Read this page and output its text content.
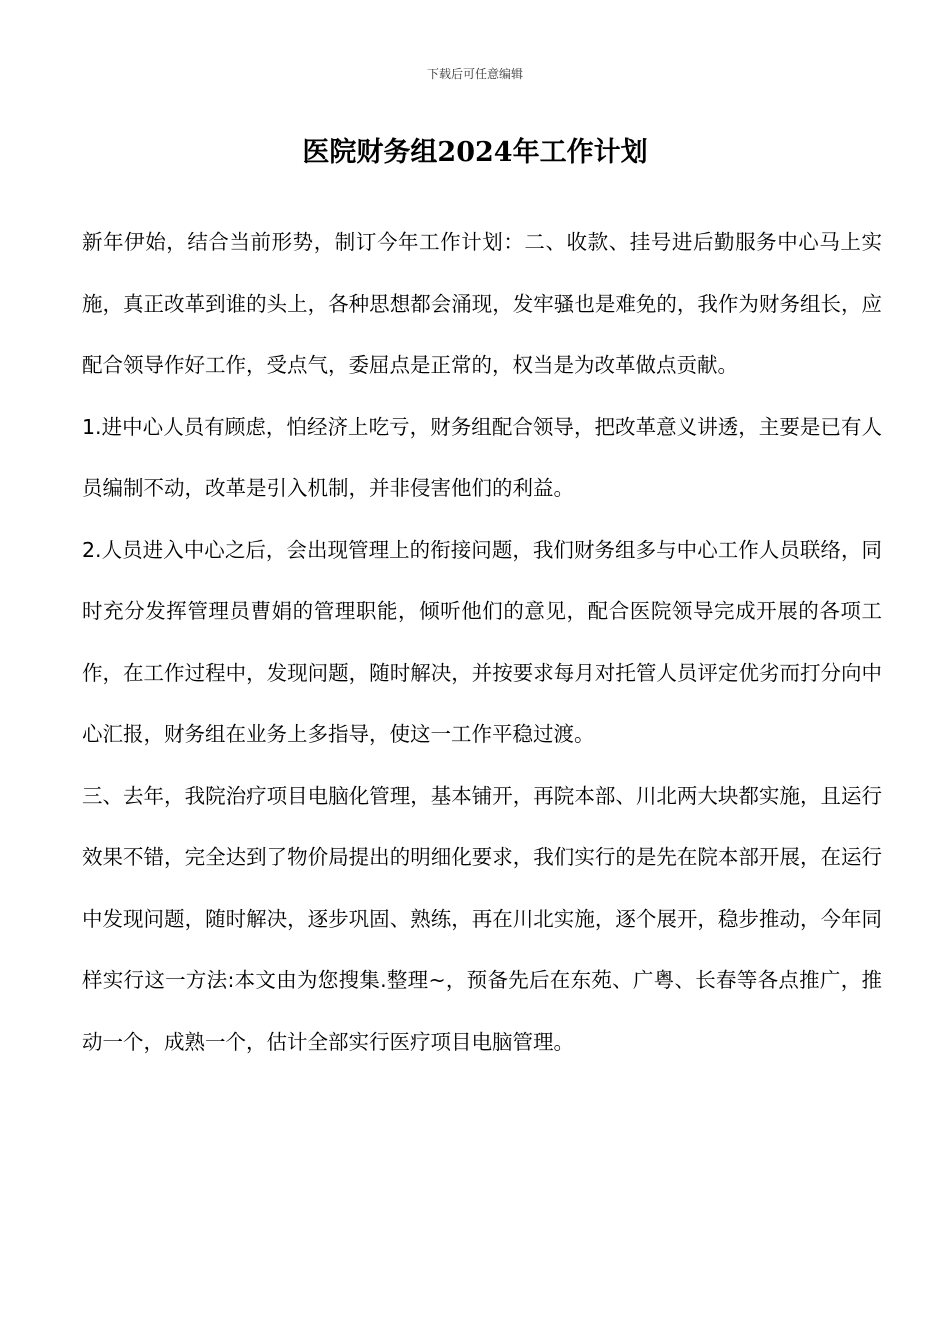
下载后可任意编辑
医院财务组2024年工作计划

新年伊始，结合当前形势，制订今年工作计划：二、收款、挂号进后勤服务中心马上实施，真正改革到谁的头上，各种思想都会涌现，发牢骚也是难免的，我作为财务组长，应配合领导作好工作，受点气，委屈点是正常的，权当是为改革做点贡献。

1.进中心人员有顾虑，怕经济上吃亏，财务组配合领导，把改革意义讲透，主要是已有人员编制不动，改革是引入机制，并非侵害他们的利益。

2.人员进入中心之后，会出现管理上的衔接问题，我们财务组多与中心工作人员联络，同时充分发挥管理员曹娟的管理职能，倾听他们的意见，配合医院领导完成开展的各项工作，在工作过程中，发现问题，随时解决，并按要求每月对托管人员评定优劣而打分向中心汇报，财务组在业务上多指导，使这一工作平稳过渡。

三、去年，我院治疗项目电脑化管理，基本铺开，再院本部、川北两大块都实施，且运行效果不错，完全达到了物价局提出的明细化要求，我们实行的是先在院本部开展，在运行中发现问题，随时解决，逐步巩固、熟练，再在川北实施，逐个展开，稳步推动，今年同样实行这一方法:本文由为您搜集.整理~，预备先后在东苑、广粤、长春等各点推广，推动一个，成熟一个，估计全部实行医疗项目电脑管理。
